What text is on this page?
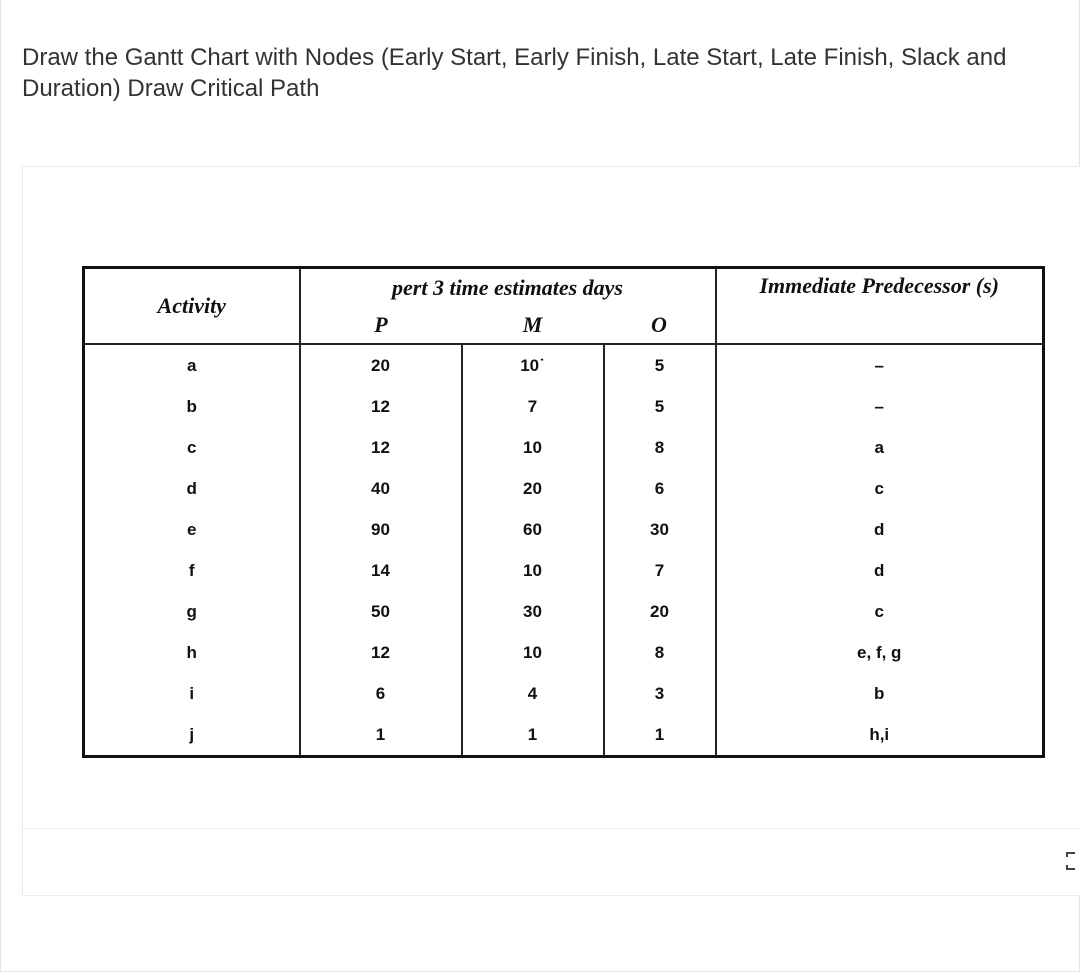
Draw the Gantt Chart with Nodes (Early Start, Early Finish, Late Start, Late Finish, Slack and Duration) Draw Critical Path
Activity	pert 3 time estimates days			Immediate Predecessor (s)
	P	M	O	
a	20	10˙	5	–
b	12	7	5	–
c	12	10	8	a
d	40	20	6	c
e	90	60	30	d
f	14	10	7	d
g	50	30	20	c
h	12	10	8	e, f, g
i	6	4	3	b
j	1	1	1	h,i
